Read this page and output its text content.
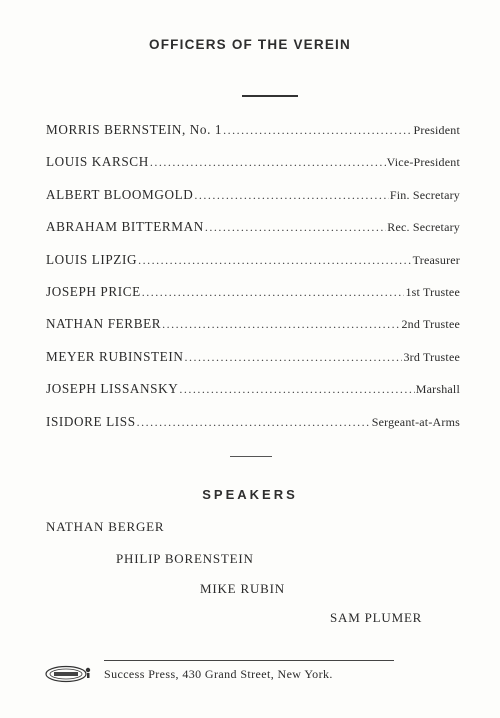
OFFICERS OF THE VEREIN
MORRIS BERNSTEIN, No. 1 .....	President
LOUIS KARSCH .....	Vice-President
ALBERT BLOOMGOLD .....	Fin. Secretary
ABRAHAM BITTERMAN .....	Rec. Secretary
LOUIS LIPZIG .....	Treasurer
JOSEPH PRICE .....	1st Trustee
NATHAN FERBER .....	2nd Trustee
MEYER RUBINSTEIN .....	3rd Trustee
JOSEPH LISSANSKY .....	Marshall
ISIDORE LISS .....	Sergeant-at-Arms
SPEAKERS
NATHAN BERGER
PHILIP BORENSTEIN
MIKE RUBIN
SAM PLUMER
Success Press, 430 Grand Street, New York.
